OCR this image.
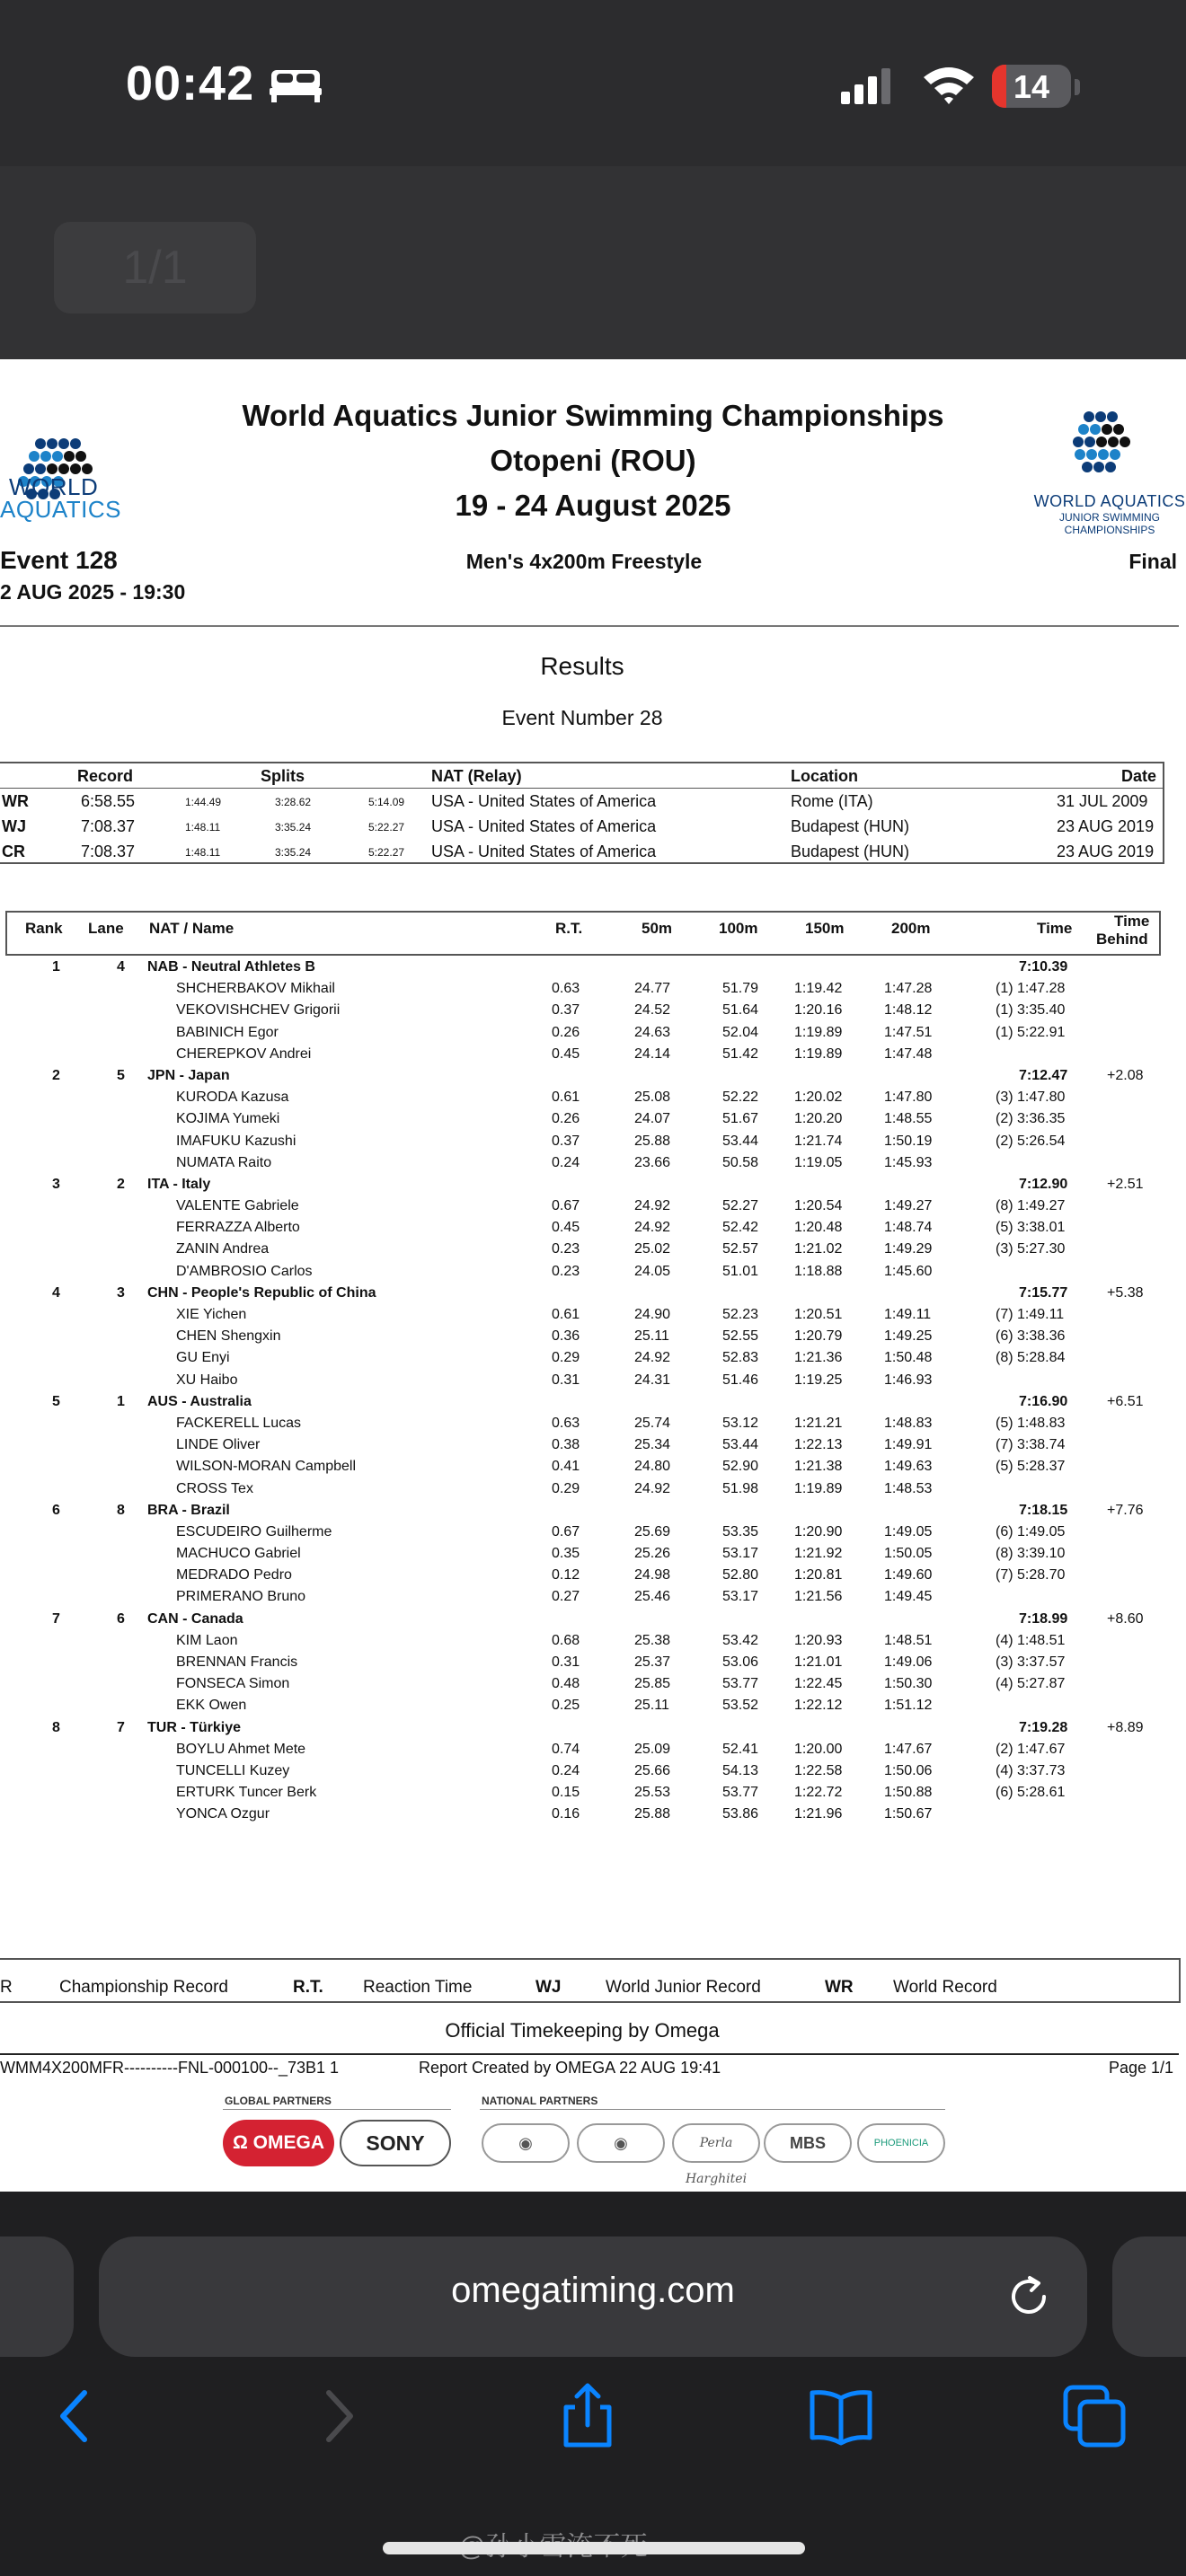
00:42	14
1/1
WORLD
AQUATICS
World Aquatics Junior Swimming Championships
Otopeni (ROU)
19 - 24 August 2025	WORLD AQUATICS
JUNIOR SWIMMING
CHAMPIONSHIPS
Event 128
2 AUG 2025 - 19:30
Men's 4x200m Freestyle	Final
Results
Event Number 28
Record	Splits	NAT (Relay)	Location	Date
WR	6:58.55	1:44.49	3:28.62	5:14.09 USA - United States of America	Rome (ITA)	31 JUL 2009
WJ	7:08.37	1:48.11	3:35.24	5:22.27 USA - United States of America	Budapest (HUN)	23 AUG 2019
CR	7:08.37	1:48.11	3:35.24	5:22.27 USA - United States of America	Budapest (HUN)	23 AUG 2019
Rank Lane NAT / Name	R.T.	50m	100m	150m	200m	Time	Time
Behind
1	4 NAB - Neutral Athletes B	7:10.39
SHCHERBAKOV Mikhail	0.63	24.77	51.79 1:19.42	1:47.28	(1) 1:47.28
VEKOVISHCHEV Grigorii	0.37	24.52	51.64 1:20.16	1:48.12	(1) 3:35.40
BABINICH Egor	0.26	24.63	52.04 1:19.89	1:47.51	(1) 5:22.91
CHEREPKOV Andrei	0.45	24.14	51.42 1:19.89	1:47.48
2	5 JPN - Japan	7:12.47	+2.08
KURODA Kazusa	0.61	25.08	52.22 1:20.02	1:47.80	(3) 1:47.80
KOJIMA Yumeki	0.26	24.07	51.67 1:20.20	1:48.55	(2) 3:36.35
IMAFUKU Kazushi	0.37	25.88	53.44 1:21.74	1:50.19	(2) 5:26.54
NUMATA Raito	0.24	23.66	50.58 1:19.05	1:45.93
3	2 ITA - Italy	7:12.90	+2.51
VALENTE Gabriele	0.67	24.92	52.27 1:20.54	1:49.27	(8) 1:49.27
FERRAZZA Alberto	0.45	24.92	52.42 1:20.48	1:48.74	(5) 3:38.01
ZANIN Andrea	0.23	25.02	52.57 1:21.02	1:49.29	(3) 5:27.30
D'AMBROSIO Carlos	0.23	24.05	51.01 1:18.88	1:45.60
4	3 CHN - People's Republic of China	7:15.77	+5.38
XIE Yichen	0.61	24.90	52.23 1:20.51	1:49.11	(7) 1:49.11
CHEN Shengxin	0.36	25.11	52.55 1:20.79	1:49.25	(6) 3:38.36
GU Enyi	0.29	24.92	52.83 1:21.36	1:50.48	(8) 5:28.84
XU Haibo	0.31	24.31	51.46 1:19.25	1:46.93
5	1 AUS - Australia	7:16.90	+6.51
FACKERELL Lucas	0.63	25.74	53.12 1:21.21	1:48.83	(5) 1:48.83
LINDE Oliver	0.38	25.34	53.44 1:22.13	1:49.91	(7) 3:38.74
WILSON-MORAN Campbell	0.41	24.80	52.90 1:21.38	1:49.63	(5) 5:28.37
CROSS Tex	0.29	24.92	51.98 1:19.89	1:48.53
6	8 BRA - Brazil	7:18.15	+7.76
ESCUDEIRO Guilherme	0.67	25.69	53.35 1:20.90	1:49.05	(6) 1:49.05
MACHUCO Gabriel	0.35	25.26	53.17 1:21.92	1:50.05	(8) 3:39.10
MEDRADO Pedro	0.12	24.98	52.80 1:20.81	1:49.60	(7) 5:28.70
PRIMERANO Bruno	0.27	25.46	53.17 1:21.56	1:49.45
7	6 CAN - Canada	7:18.99	+8.60
KIM Laon	0.68	25.38	53.42 1:20.93	1:48.51	(4) 1:48.51
BRENNAN Francis	0.31	25.37	53.06 1:21.01	1:49.06	(3) 3:37.57
FONSECA Simon	0.48	25.85	53.77 1:22.45	1:50.30	(4) 5:27.87
EKK Owen	0.25	25.11	53.52 1:22.12	1:51.12
8	7 TUR - Türkiye	7:19.28	+8.89
BOYLU Ahmet Mete	0.74	25.09	52.41 1:20.00	1:47.67	(2) 1:47.67
TUNCELLI Kuzey	0.24	25.66	54.13 1:22.58	1:50.06	(4) 3:37.73
ERTURK Tuncer Berk	0.15	25.53	53.77 1:22.72	1:50.88	(6) 5:28.61
YONCA Ozgur	0.16	25.88	53.86 1:21.96	1:50.67
R	Championship Record	R.T. Reaction Time	WJ	World Junior Record	WR World Record
Official Timekeeping by Omega
WMM4X200MFR----------FNL-000100--_73B1 1	Report Created by OMEGA 22 AUG 19:41	Page 1/1
GLOBAL PARTNERS	NATIONAL PARTNERS
Ω OMEGA	SONY	◉	◉	Perla Harghitei
MBS	PHOENICIA
omegatiming.com
